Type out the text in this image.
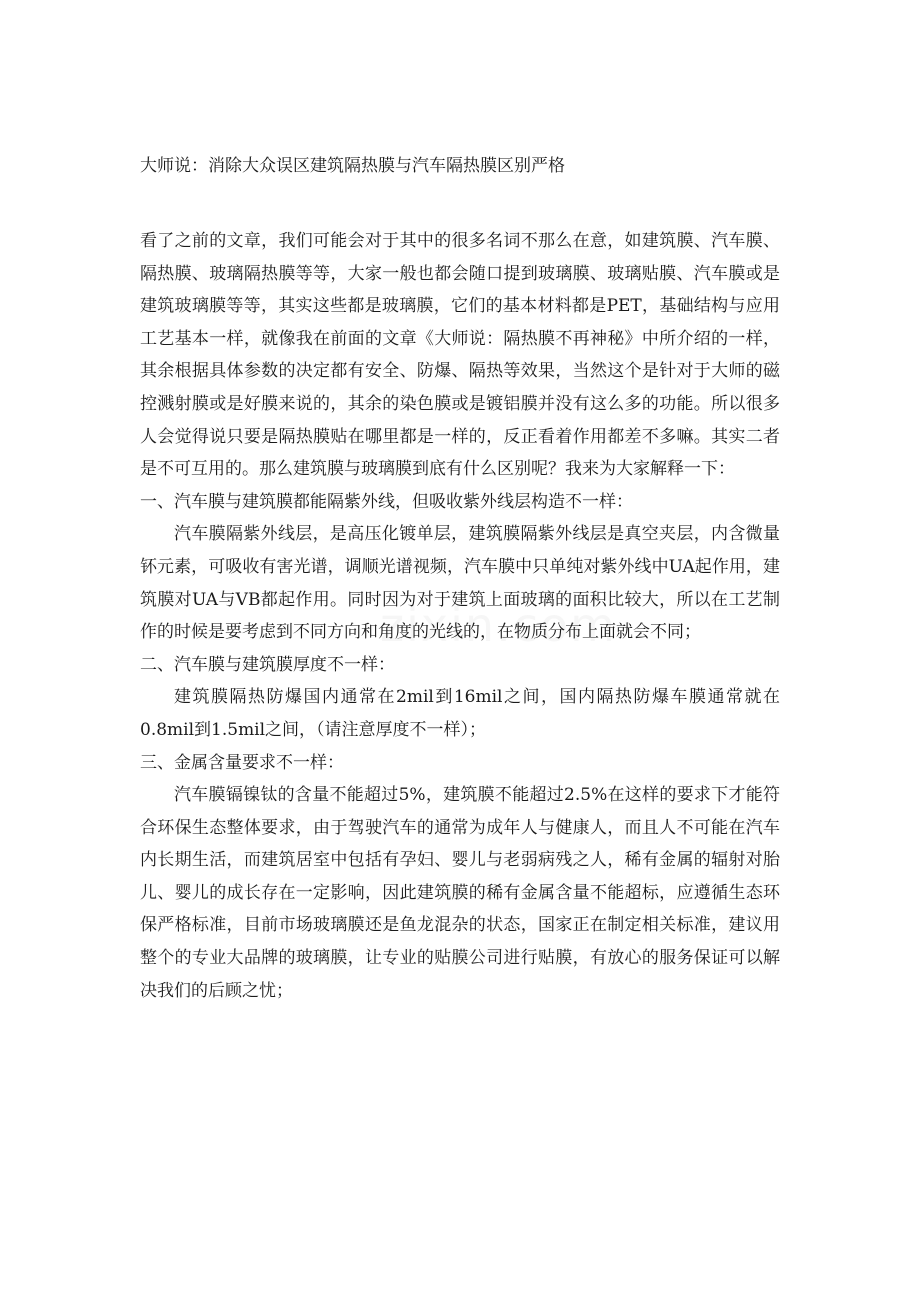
大师说：消除大众误区建筑隔热膜与汽车隔热膜区别严格

看了之前的文章，我们可能会对于其中的很多名词不那么在意，如建筑膜、汽车膜、隔热膜、玻璃隔热膜等等，大家一般也都会随口提到玻璃膜、玻璃贴膜、汽车膜或是建筑玻璃膜等等，其实这些都是玻璃膜，它们的基本材料都是PET，基础结构与应用工艺基本一样，就像我在前面的文章《大师说：隔热膜不再神秘》中所介绍的一样，其余根据具体参数的决定都有安全、防爆、隔热等效果，当然这个是针对于大师的磁控溅射膜或是好膜来说的，其余的染色膜或是镀铝膜并没有这么多的功能。所以很多人会觉得说只要是隔热膜贴在哪里都是一样的，反正看着作用都差不多嘛。其实二者是不可互用的。那么建筑膜与玻璃膜到底有什么区别呢？我来为大家解释一下：

一、汽车膜与建筑膜都能隔紫外线，但吸收紫外线层构造不一样：

汽车膜隔紫外线层，是高压化镀单层，建筑膜隔紫外线层是真空夹层，内含微量钚元素，可吸收有害光谱，调顺光谱视频，汽车膜中只单纯对紫外线中UA起作用，建筑膜对UA与VB都起作用。同时因为对于建筑上面玻璃的面积比较大，所以在工艺制作的时候是要考虑到不同方向和角度的光线的，在物质分布上面就会不同；

二、汽车膜与建筑膜厚度不一样：

建筑膜隔热防爆国内通常在2mil到16mil之间，国内隔热防爆车膜通常就在0.8mil到1.5mil之间，（请注意厚度不一样）；

三、金属含量要求不一样：

汽车膜镉镍钛的含量不能超过5%，建筑膜不能超过2.5%在这样的要求下才能符合环保生态整体要求，由于驾驶汽车的通常为成年人与健康人，而且人不可能在汽车内长期生活，而建筑居室中包括有孕妇、婴儿与老弱病残之人，稀有金属的辐射对胎儿、婴儿的成长存在一定影响，因此建筑膜的稀有金属含量不能超标，应遵循生态环保严格标准，目前市场玻璃膜还是鱼龙混杂的状态，国家正在制定相关标准，建议用整个的专业大品牌的玻璃膜，让专业的贴膜公司进行贴膜，有放心的服务保证可以解决我们的后顾之忧；
